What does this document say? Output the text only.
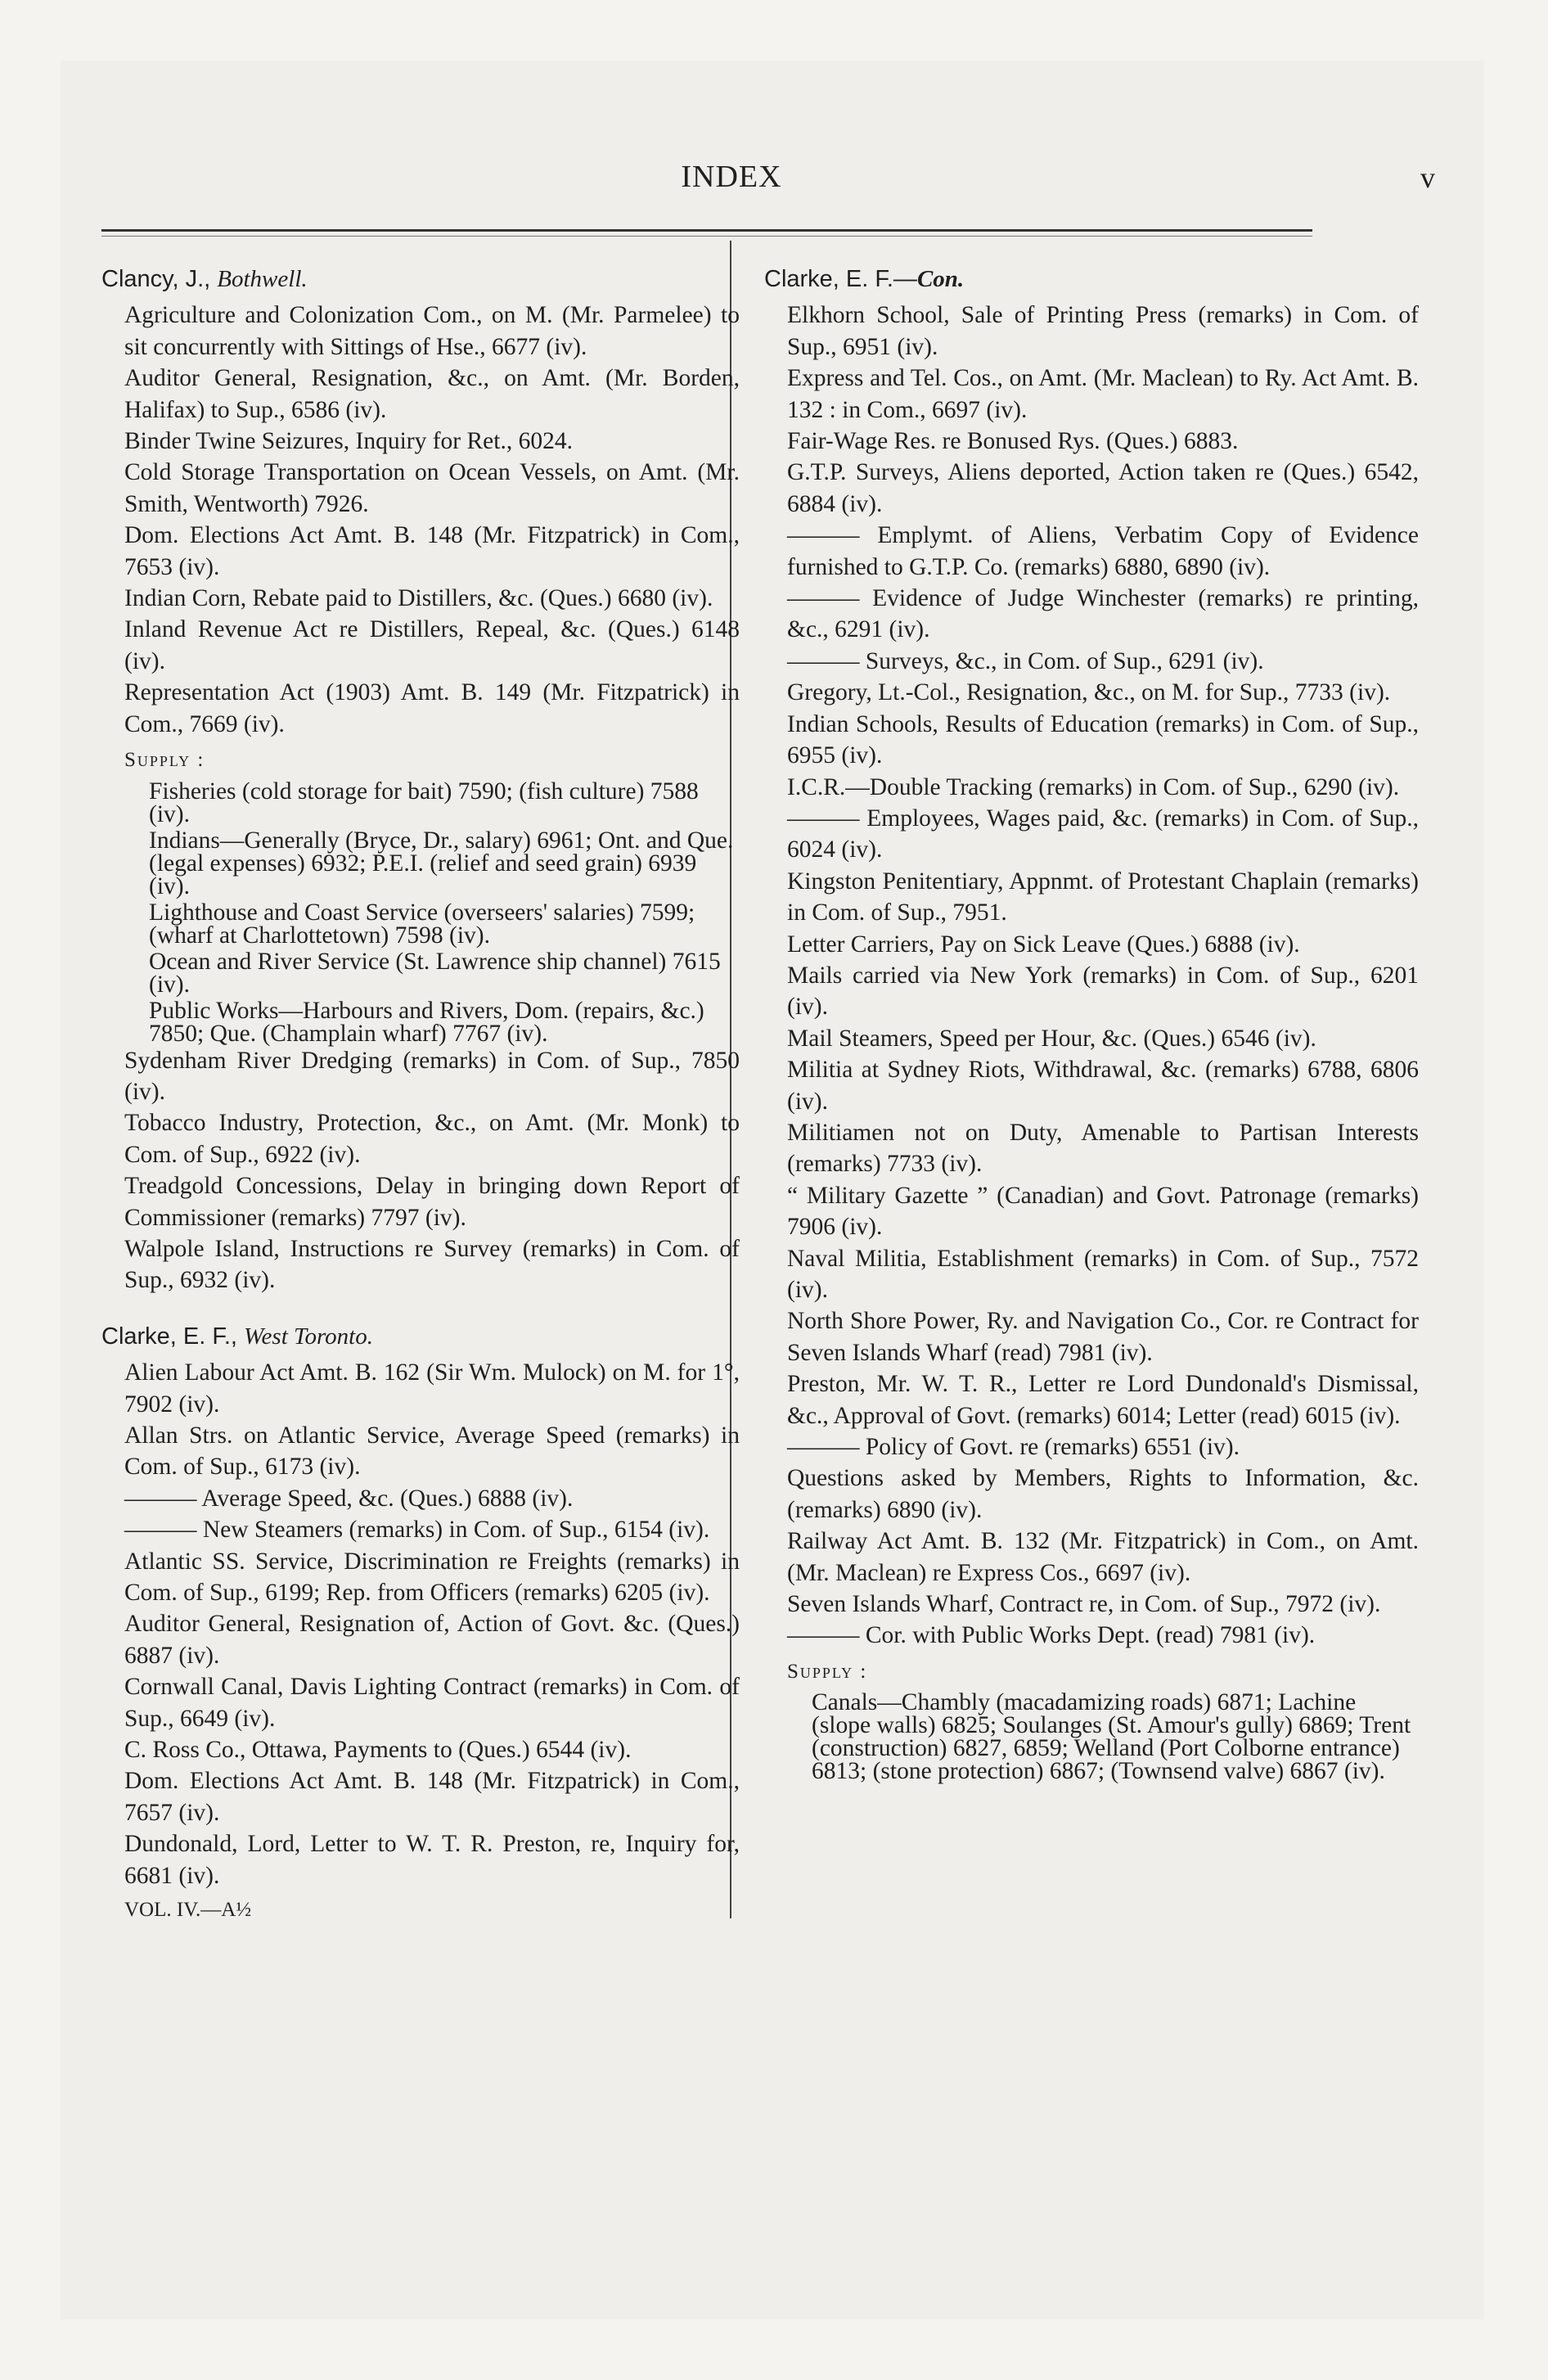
INDEX	v
Clancy, J., Bothwell.
Agriculture and Colonization Com., on M. (Mr. Parmelee) to sit concurrently with Sittings of Hse., 6677 (iv).
Auditor General, Resignation, &c., on Amt. (Mr. Borden, Halifax) to Sup., 6586 (iv).
Binder Twine Seizures, Inquiry for Ret., 6024.
Cold Storage Transportation on Ocean Vessels, on Amt. (Mr. Smith, Wentworth) 7926.
Dom. Elections Act Amt. B. 148 (Mr. Fitzpatrick) in Com., 7653 (iv).
Indian Corn, Rebate paid to Distillers, &c. (Ques.) 6680 (iv).
Inland Revenue Act re Distillers, Repeal, &c. (Ques.) 6148 (iv).
Representation Act (1903) Amt. B. 149 (Mr. Fitzpatrick) in Com., 7669 (iv).
Supply :
Fisheries (cold storage for bait) 7590; (fish culture) 7588 (iv).
Indians—Generally (Bryce, Dr., salary) 6961; Ont. and Que. (legal expenses) 6932; P.E.I. (relief and seed grain) 6939 (iv).
Lighthouse and Coast Service (overseers' salaries) 7599; (wharf at Charlottetown) 7598 (iv).
Ocean and River Service (St. Lawrence ship channel) 7615 (iv).
Public Works—Harbours and Rivers, Dom. (repairs, &c.) 7850; Que. (Champlain wharf) 7767 (iv).
Sydenham River Dredging (remarks) in Com. of Sup., 7850 (iv).
Tobacco Industry, Protection, &c., on Amt. (Mr. Monk) to Com. of Sup., 6922 (iv).
Treadgold Concessions, Delay in bringing down Report of Commissioner (remarks) 7797 (iv).
Walpole Island, Instructions re Survey (remarks) in Com. of Sup., 6932 (iv).
Clarke, E. F., West Toronto.
Alien Labour Act Amt. B. 162 (Sir Wm. Mulock) on M. for 1°, 7902 (iv).
Allan Strs. on Atlantic Service, Average Speed (remarks) in Com. of Sup., 6173 (iv).
——— Average Speed, &c. (Ques.) 6888 (iv).
——— New Steamers (remarks) in Com. of Sup., 6154 (iv).
Atlantic SS. Service, Discrimination re Freights (remarks) in Com. of Sup., 6199; Rep. from Officers (remarks) 6205 (iv).
Auditor General, Resignation of, Action of Govt. &c. (Ques.) 6887 (iv).
Cornwall Canal, Davis Lighting Contract (remarks) in Com. of Sup., 6649 (iv).
C. Ross Co., Ottawa, Payments to (Ques.) 6544 (iv).
Dom. Elections Act Amt. B. 148 (Mr. Fitzpatrick) in Com., 7657 (iv).
Dundonald, Lord, Letter to W. T. R. Preston, re, Inquiry for, 6681 (iv).
VOL. IV.—A½
Clarke, E. F.—Con.
Elkhorn School, Sale of Printing Press (remarks) in Com. of Sup., 6951 (iv).
Express and Tel. Cos., on Amt. (Mr. Maclean) to Ry. Act Amt. B. 132 : in Com., 6697 (iv).
Fair-Wage Res. re Bonused Rys. (Ques.) 6883.
G.T.P. Surveys, Aliens deported, Action taken re (Ques.) 6542, 6884 (iv).
——— Emplymt. of Aliens, Verbatim Copy of Evidence furnished to G.T.P. Co. (remarks) 6880, 6890 (iv).
——— Evidence of Judge Winchester (remarks) re printing, &c., 6291 (iv).
——— Surveys, &c., in Com. of Sup., 6291 (iv).
Gregory, Lt.-Col., Resignation, &c., on M. for Sup., 7733 (iv).
Indian Schools, Results of Education (remarks) in Com. of Sup., 6955 (iv).
I.C.R.—Double Tracking (remarks) in Com. of Sup., 6290 (iv).
——— Employees, Wages paid, &c. (remarks) in Com. of Sup., 6024 (iv).
Kingston Penitentiary, Appnmt. of Protestant Chaplain (remarks) in Com. of Sup., 7951.
Letter Carriers, Pay on Sick Leave (Ques.) 6888 (iv).
Mails carried via New York (remarks) in Com. of Sup., 6201 (iv).
Mail Steamers, Speed per Hour, &c. (Ques.) 6546 (iv).
Militia at Sydney Riots, Withdrawal, &c. (remarks) 6788, 6806 (iv).
Militiamen not on Duty, Amenable to Partisan Interests (remarks) 7733 (iv).
“ Military Gazette ” (Canadian) and Govt. Patronage (remarks) 7906 (iv).
Naval Militia, Establishment (remarks) in Com. of Sup., 7572 (iv).
North Shore Power, Ry. and Navigation Co., Cor. re Contract for Seven Islands Wharf (read) 7981 (iv).
Preston, Mr. W. T. R., Letter re Lord Dundonald's Dismissal, &c., Approval of Govt. (remarks) 6014; Letter (read) 6015 (iv).
——— Policy of Govt. re (remarks) 6551 (iv).
Questions asked by Members, Rights to Information, &c. (remarks) 6890 (iv).
Railway Act Amt. B. 132 (Mr. Fitzpatrick) in Com., on Amt. (Mr. Maclean) re Express Cos., 6697 (iv).
Seven Islands Wharf, Contract re, in Com. of Sup., 7972 (iv).
——— Cor. with Public Works Dept. (read) 7981 (iv).
Supply :
Canals—Chambly (macadamizing roads) 6871; Lachine (slope walls) 6825; Soulanges (St. Amour's gully) 6869; Trent (construction) 6827, 6859; Welland (Port Colborne entrance) 6813; (stone protection) 6867; (Townsend valve) 6867 (iv).
